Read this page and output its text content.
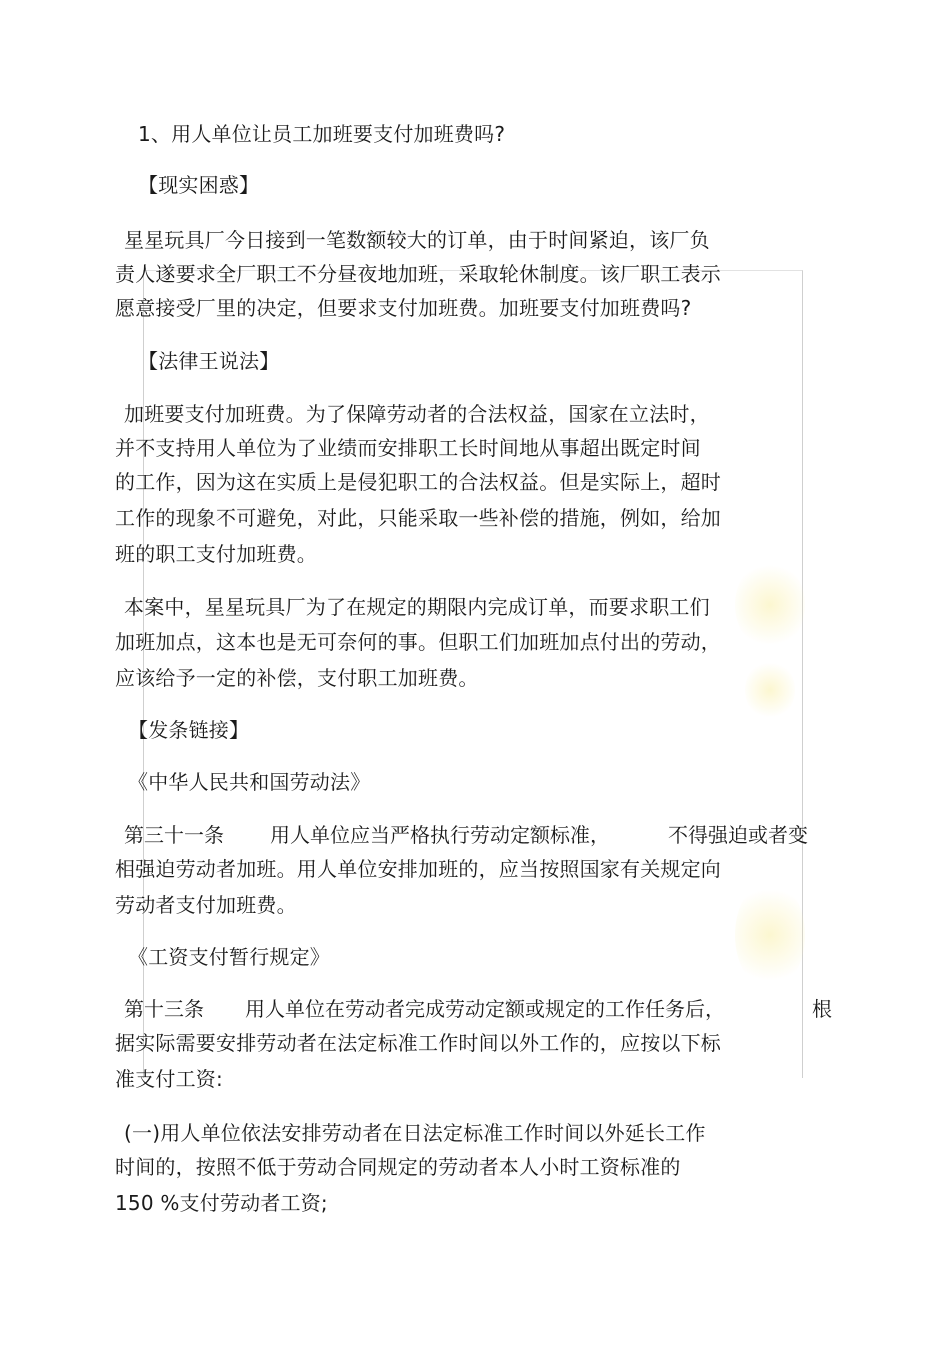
1、用人单位让员工加班要支付加班费吗?
【现实困惑】
星星玩具厂今日接到一笔数额较大的订单，由于时间紧迫，该厂负
责人遂要求全厂职工不分昼夜地加班，采取轮休制度。该厂职工表示
愿意接受厂里的决定，但要求支付加班费。加班要支付加班费吗?
【法律王说法】
加班要支付加班费。为了保障劳动者的合法权益，国家在立法时，
并不支持用人单位为了业绩而安排职工长时间地从事超出既定时间
的工作，因为这在实质上是侵犯职工的合法权益。但是实际上，超时
工作的现象不可避免，对此，只能采取一些补偿的措施，例如，给加
班的职工支付加班费。
本案中，星星玩具厂为了在规定的期限内完成订单，而要求职工们
加班加点，这本也是无可奈何的事。但职工们加班加点付出的劳动，
应该给予一定的补偿，支付职工加班费。
【发条链接】
《中华人民共和国劳动法》
第三十一条 用人单位应当严格执行劳动定额标准，	不得强迫或者变
相强迫劳动者加班。用人单位安排加班的，应当按照国家有关规定向
劳动者支付加班费。
《工资支付暂行规定》
第十三条 用人单位在劳动者完成劳动定额或规定的工作任务后，	根
据实际需要安排劳动者在法定标准工作时间以外工作的，应按以下标
准支付工资:
(一)用人单位依法安排劳动者在日法定标准工作时间以外延长工作
时间的，按照不低于劳动合同规定的劳动者本人小时工资标准的
150 %支付劳动者工资;
